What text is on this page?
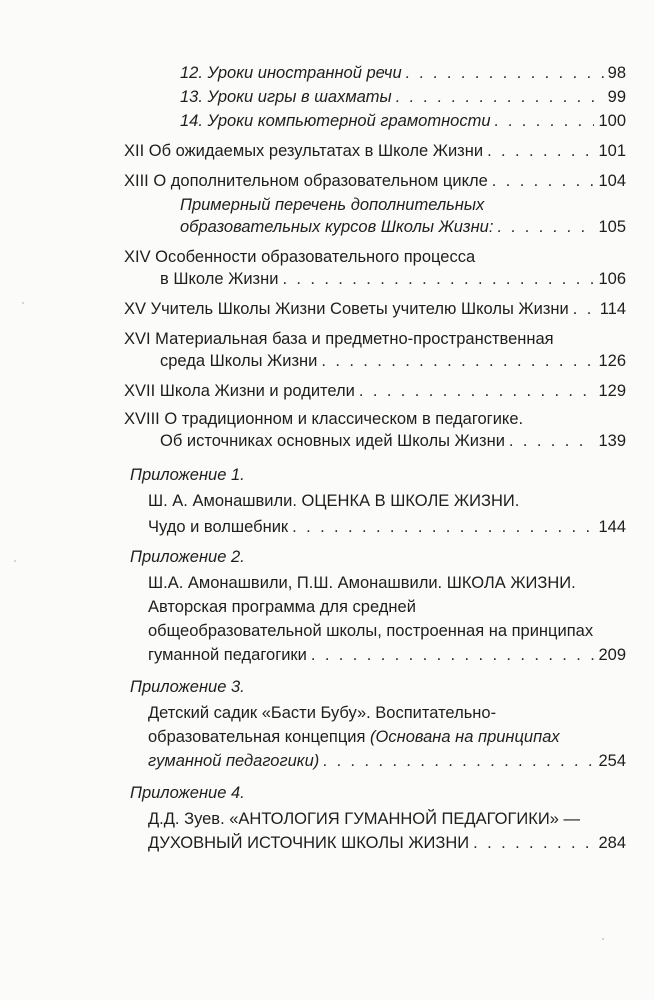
12. Уроки иностранной речи . . .	98
13. Уроки игры в шахматы . . .	99
14. Уроки компьютерной грамотности . . .	100
XII Об ожидаемых результатах в Школе Жизни . . .	101
XIII О дополнительном образовательном цикле . . .	104
Примерный перечень дополнительных
образовательных курсов Школы Жизни: . . .	105
XIV Особенности образовательного процесса
в Школе Жизни . . .	106
XV Учитель Школы Жизни Советы учителю Школы Жизни . . . 114
XVI Материальная база и предметно-пространственная
среда Школы Жизни . . .	126
XVII Школа Жизни и родители . . .	129
XVIII О традиционном и классическом в педагогике.
Об источниках основных идей Школы Жизни . . .	139
Приложение 1.
Ш. А. Амонашвили. ОЦЕНКА В ШКОЛЕ ЖИЗНИ.
Чудо и волшебник . . .	144
Приложение 2.
Ш.А. Амонашвили, П.Ш. Амонашвили. ШКОЛА ЖИЗНИ.
Авторская программа для средней
общеобразовательной школы, построенная на принципах
гуманной педагогики . . .	209
Приложение 3.
Детский садик «Басти Бубу». Воспитательно-
образовательная концепция (Основана на принципах
гуманной педагогики) . . .	254
Приложение 4.
Д.Д. Зуев. «АНТОЛОГИЯ ГУМАННОЙ ПЕДАГОГИКИ» —
ДУХОВНЫЙ ИСТОЧНИК ШКОЛЫ ЖИЗНИ . . .	284
